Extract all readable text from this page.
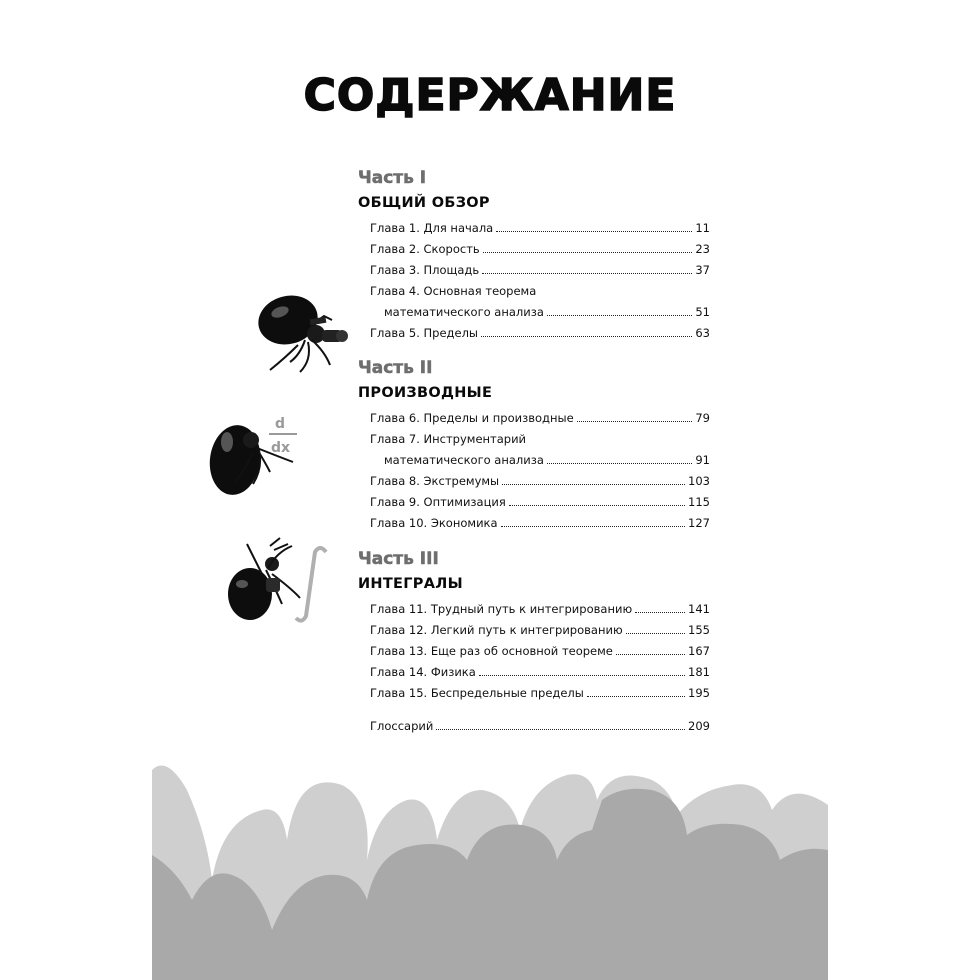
СОДЕРЖАНИЕ
Часть I
ОБЩИЙ ОБЗОР
Глава 1. Для начала	11
Глава 2. Скорость	23
Глава 3. Площадь	37
Глава 4. Основная теорема
математического анализа	51
Глава 5. Пределы	63
Часть II
ПРОИЗВОДНЫЕ
Глава 6. Пределы и производные	79
Глава 7. Инструментарий
математического анализа	91
Глава 8. Экстремумы	103
Глава 9. Оптимизация	115
Глава 10. Экономика	127
Часть III
ИНТЕГРАЛЫ
Глава 11. Трудный путь к интегрированию	141
Глава 12. Легкий путь к интегрированию	155
Глава 13. Еще раз об основной теореме	167
Глава 14. Физика	181
Глава 15. Беспредельные пределы	195
Глоссарий	209
d
dx
